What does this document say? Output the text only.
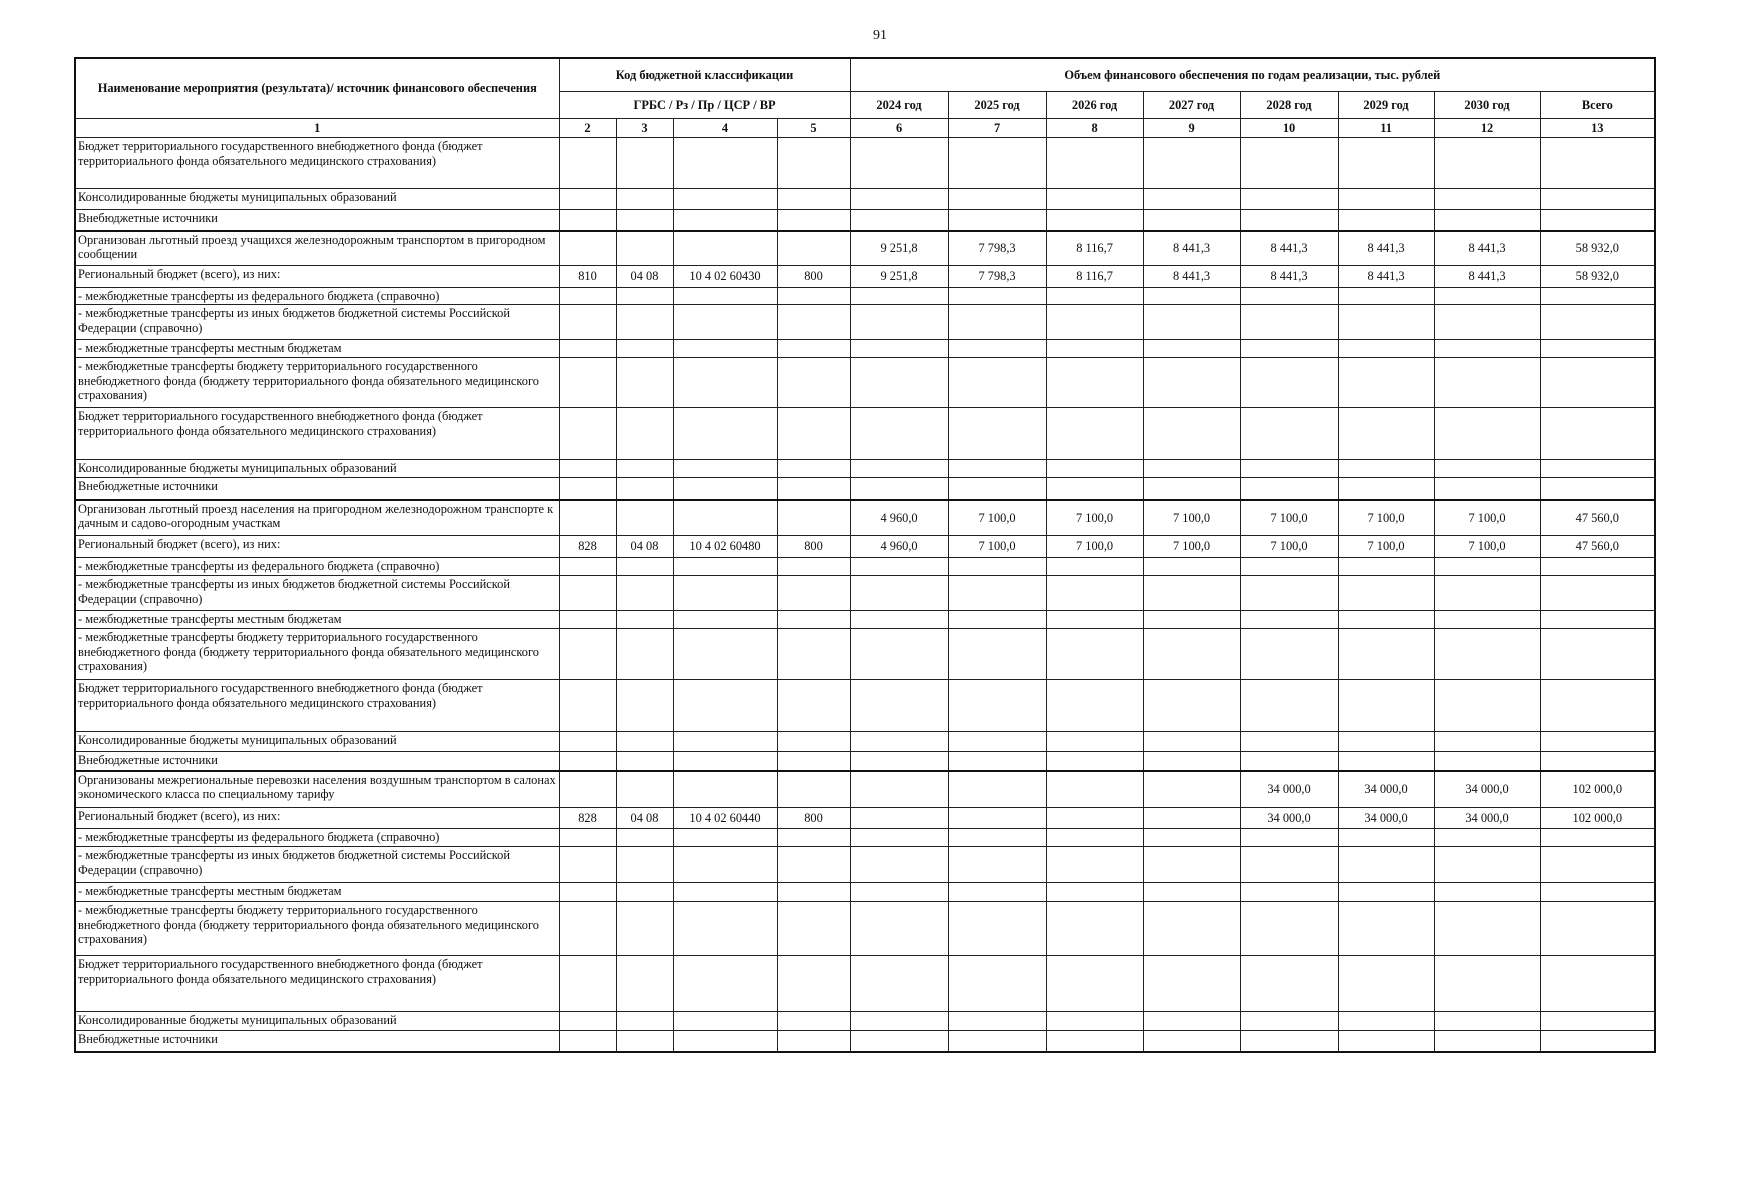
91
Наименование мероприятия (результата)/ источник финансового обеспечения	Код бюджетной классификации				Объем финансового обеспечения по годам реализации, тыс. рублей							
	ГРБС / Рз / Пр / ЦСР / ВР				2024 год	2025 год	2026 год	2027 год	2028 год	2029 год	2030 год	Всего
1	2	3	4	5	6	7	8	9	10	11	12	13
Бюджет территориального государственного внебюджетного фонда (бюджет территориального фонда обязательного медицинского страхования)												
Консолидированные бюджеты муниципальных образований												
Внебюджетные источники												
Организован льготный проезд учащихся железнодорожным транспортом в пригородном сообщении					9 251,8	7 798,3	8 116,7	8 441,3	8 441,3	8 441,3	8 441,3	58 932,0
Региональный бюджет (всего), из них:	810	04 08	10 4 02 60430	800	9 251,8	7 798,3	8 116,7	8 441,3	8 441,3	8 441,3	8 441,3	58 932,0
- межбюджетные трансферты из федерального бюджета (справочно)												
- межбюджетные трансферты из иных бюджетов бюджетной системы Российской Федерации (справочно)												
- межбюджетные трансферты местным бюджетам												
- межбюджетные трансферты бюджету территориального государственного внебюджетного фонда (бюджету территориального фонда обязательного медицинского страхования)												
Бюджет территориального государственного внебюджетного фонда (бюджет территориального фонда обязательного медицинского страхования)												
Консолидированные бюджеты муниципальных образований												
Внебюджетные источники												
Организован льготный проезд населения на пригородном железнодорожном транспорте к дачным и садово-огородным участкам					4 960,0	7 100,0	7 100,0	7 100,0	7 100,0	7 100,0	7 100,0	47 560,0
Региональный бюджет (всего), из них:	828	04 08	10 4 02 60480	800	4 960,0	7 100,0	7 100,0	7 100,0	7 100,0	7 100,0	7 100,0	47 560,0
- межбюджетные трансферты из федерального бюджета (справочно)												
- межбюджетные трансферты из иных бюджетов бюджетной системы Российской Федерации (справочно)												
- межбюджетные трансферты местным бюджетам												
- межбюджетные трансферты бюджету территориального государственного внебюджетного фонда (бюджету территориального фонда обязательного медицинского страхования)												
Бюджет территориального государственного внебюджетного фонда (бюджет территориального фонда обязательного медицинского страхования)												
Консолидированные бюджеты муниципальных образований												
Внебюджетные источники												
Организованы межрегиональные перевозки населения воздушным транспортом в салонах экономического класса по специальному тарифу									34 000,0	34 000,0	34 000,0	102 000,0
Региональный бюджет (всего), из них:	828	04 08	10 4 02 60440	800					34 000,0	34 000,0	34 000,0	102 000,0
- межбюджетные трансферты из федерального бюджета (справочно)												
- межбюджетные трансферты из иных бюджетов бюджетной системы Российской Федерации (справочно)												
- межбюджетные трансферты местным бюджетам												
- межбюджетные трансферты бюджету территориального государственного внебюджетного фонда (бюджету территориального фонда обязательного медицинского страхования)												
Бюджет территориального государственного внебюджетного фонда (бюджет территориального фонда обязательного медицинского страхования)												
Консолидированные бюджеты муниципальных образований												
Внебюджетные источники												
